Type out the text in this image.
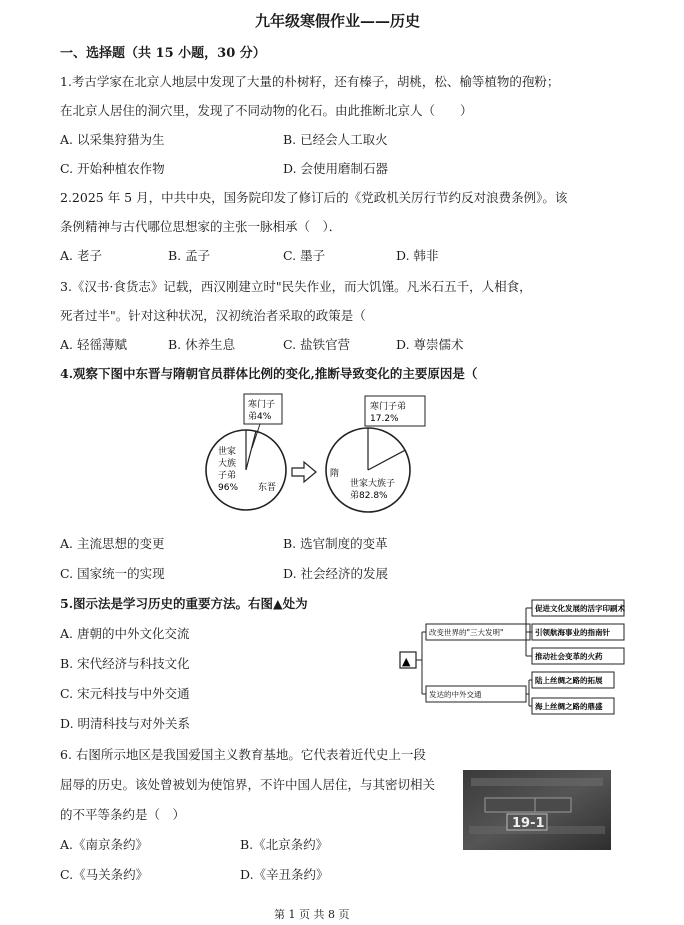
九年级寒假作业——历史
一、选择题（共 15 小题，30 分）
1.考古学家在北京人地层中发现了大量的朴树籽，还有榛子，胡桃，松、榆等植物的孢粉；
在北京人居住的洞穴里，发现了不同动物的化石。由此推断北京人（　　）
A. 以采集狩猎为生	B. 已经会人工取火
C. 开始种植农作物	D. 会使用磨制石器
2.2025 年 5 月，中共中央，国务院印发了修订后的《党政机关厉行节约反对浪费条例》。该
条例精神与古代哪位思想家的主张一脉相承（　）．
A. 老子	B. 孟子	C. 墨子	D. 韩非
3.《汉书·食货志》记载，西汉刚建立时"民失作业，而大饥馑。凡米石五千，人相食，
死者过半"。针对这种状况，汉初统治者采取的政策是（
A. 轻徭薄赋	B. 休养生息	C. 盐铁官营	D. 尊崇儒术
4.观察下图中东晋与隋朝官员群体比例的变化,推断导致变化的主要原因是（
寒门子
弟4%
世家
大族
子弟
96% 东晋
寒门子弟
17.2%
隋
世家大族子
弟82.8%
A. 主流思想的变更	B. 选官制度的变革
C. 国家统一的实现	D. 社会经济的发展
5.图示法是学习历史的重要方法。右图▲处为
A. 唐朝的中外文化交流
B. 宋代经济与科技文化
C. 宋元科技与中外交通
D. 明清科技与对外关系
▲
改变世界的"三大发明"
促进文化发展的活字印刷术
引领航海事业的指南针
推动社会变革的火药
发达的中外交通
陆上丝绸之路的拓展
海上丝绸之路的鼎盛
6. 右图所示地区是我国爱国主义教育基地。它代表着近代史上一段
屈辱的历史。该处曾被划为使馆界，不许中国人居住，与其密切相关
的不平等条约是（　）
A.《南京条约》	B.《北京条约》
C.《马关条约》	D.《辛丑条约》
19-1
第 1 页 共 8 页
